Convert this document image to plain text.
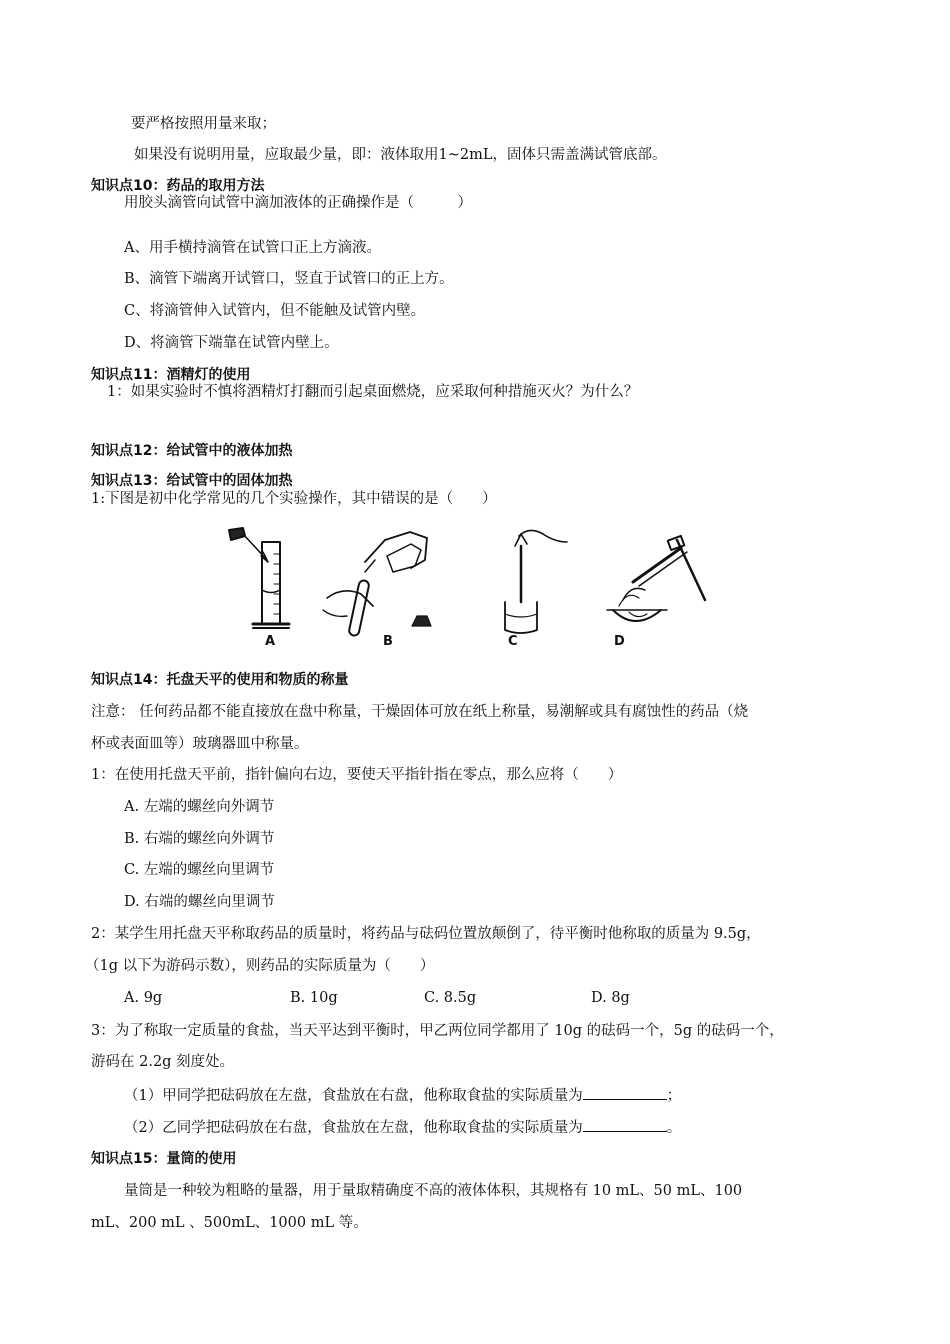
要严格按照用量来取；
如果没有说明用量，应取最少量，即：液体取用1~2mL，固体只需盖满试管底部。
知识点10：药品的取用方法
用胶头滴管向试管中滴加液体的正确操作是（　　　）
A、用手横持滴管在试管口正上方滴液。
B、滴管下端离开试管口，竖直于试管口的正上方。
C、将滴管伸入试管内，但不能触及试管内壁。
D、将滴管下端靠在试管内壁上。
知识点11：酒精灯的使用
1：如果实验时不慎将酒精灯打翻而引起桌面燃烧，应采取何种措施灭火？为什么？
知识点12：给试管中的液体加热
知识点13：给试管中的固体加热
1:下图是初中化学常见的几个实验操作，其中错误的是（　　）
A	B	C	D
知识点14：托盘天平的使用和物质的称量
注意： 任何药品都不能直接放在盘中称量，干燥固体可放在纸上称量，易潮解或具有腐蚀性的药品（烧
杯或表面皿等）玻璃器皿中称量。
1：在使用托盘天平前，指针偏向右边，要使天平指针指在零点，那么应将（　　）
A. 左端的螺丝向外调节
B. 右端的螺丝向外调节
C. 左端的螺丝向里调节
D. 右端的螺丝向里调节
2：某学生用托盘天平称取药品的质量时，将药品与砝码位置放颠倒了，待平衡时他称取的质量为 9.5g，
（1g 以下为游码示数），则药品的实际质量为（　　）
A. 9g	B. 10g	C. 8.5g	D. 8g
3：为了称取一定质量的食盐，当天平达到平衡时，甲乙两位同学都用了 10g 的砝码一个，5g 的砝码一个，
游码在 2.2g 刻度处。
（1）甲同学把砝码放在左盘，食盐放在右盘，他称取食盐的实际质量为	；
（2）乙同学把砝码放在右盘，食盐放在左盘，他称取食盐的实际质量为	。
知识点15：量筒的使用
量筒是一种较为粗略的量器，用于量取精确度不高的液体体积，其规格有 10 mL、50 mL、100
mL、200 mL 、500mL、1000 mL 等。
